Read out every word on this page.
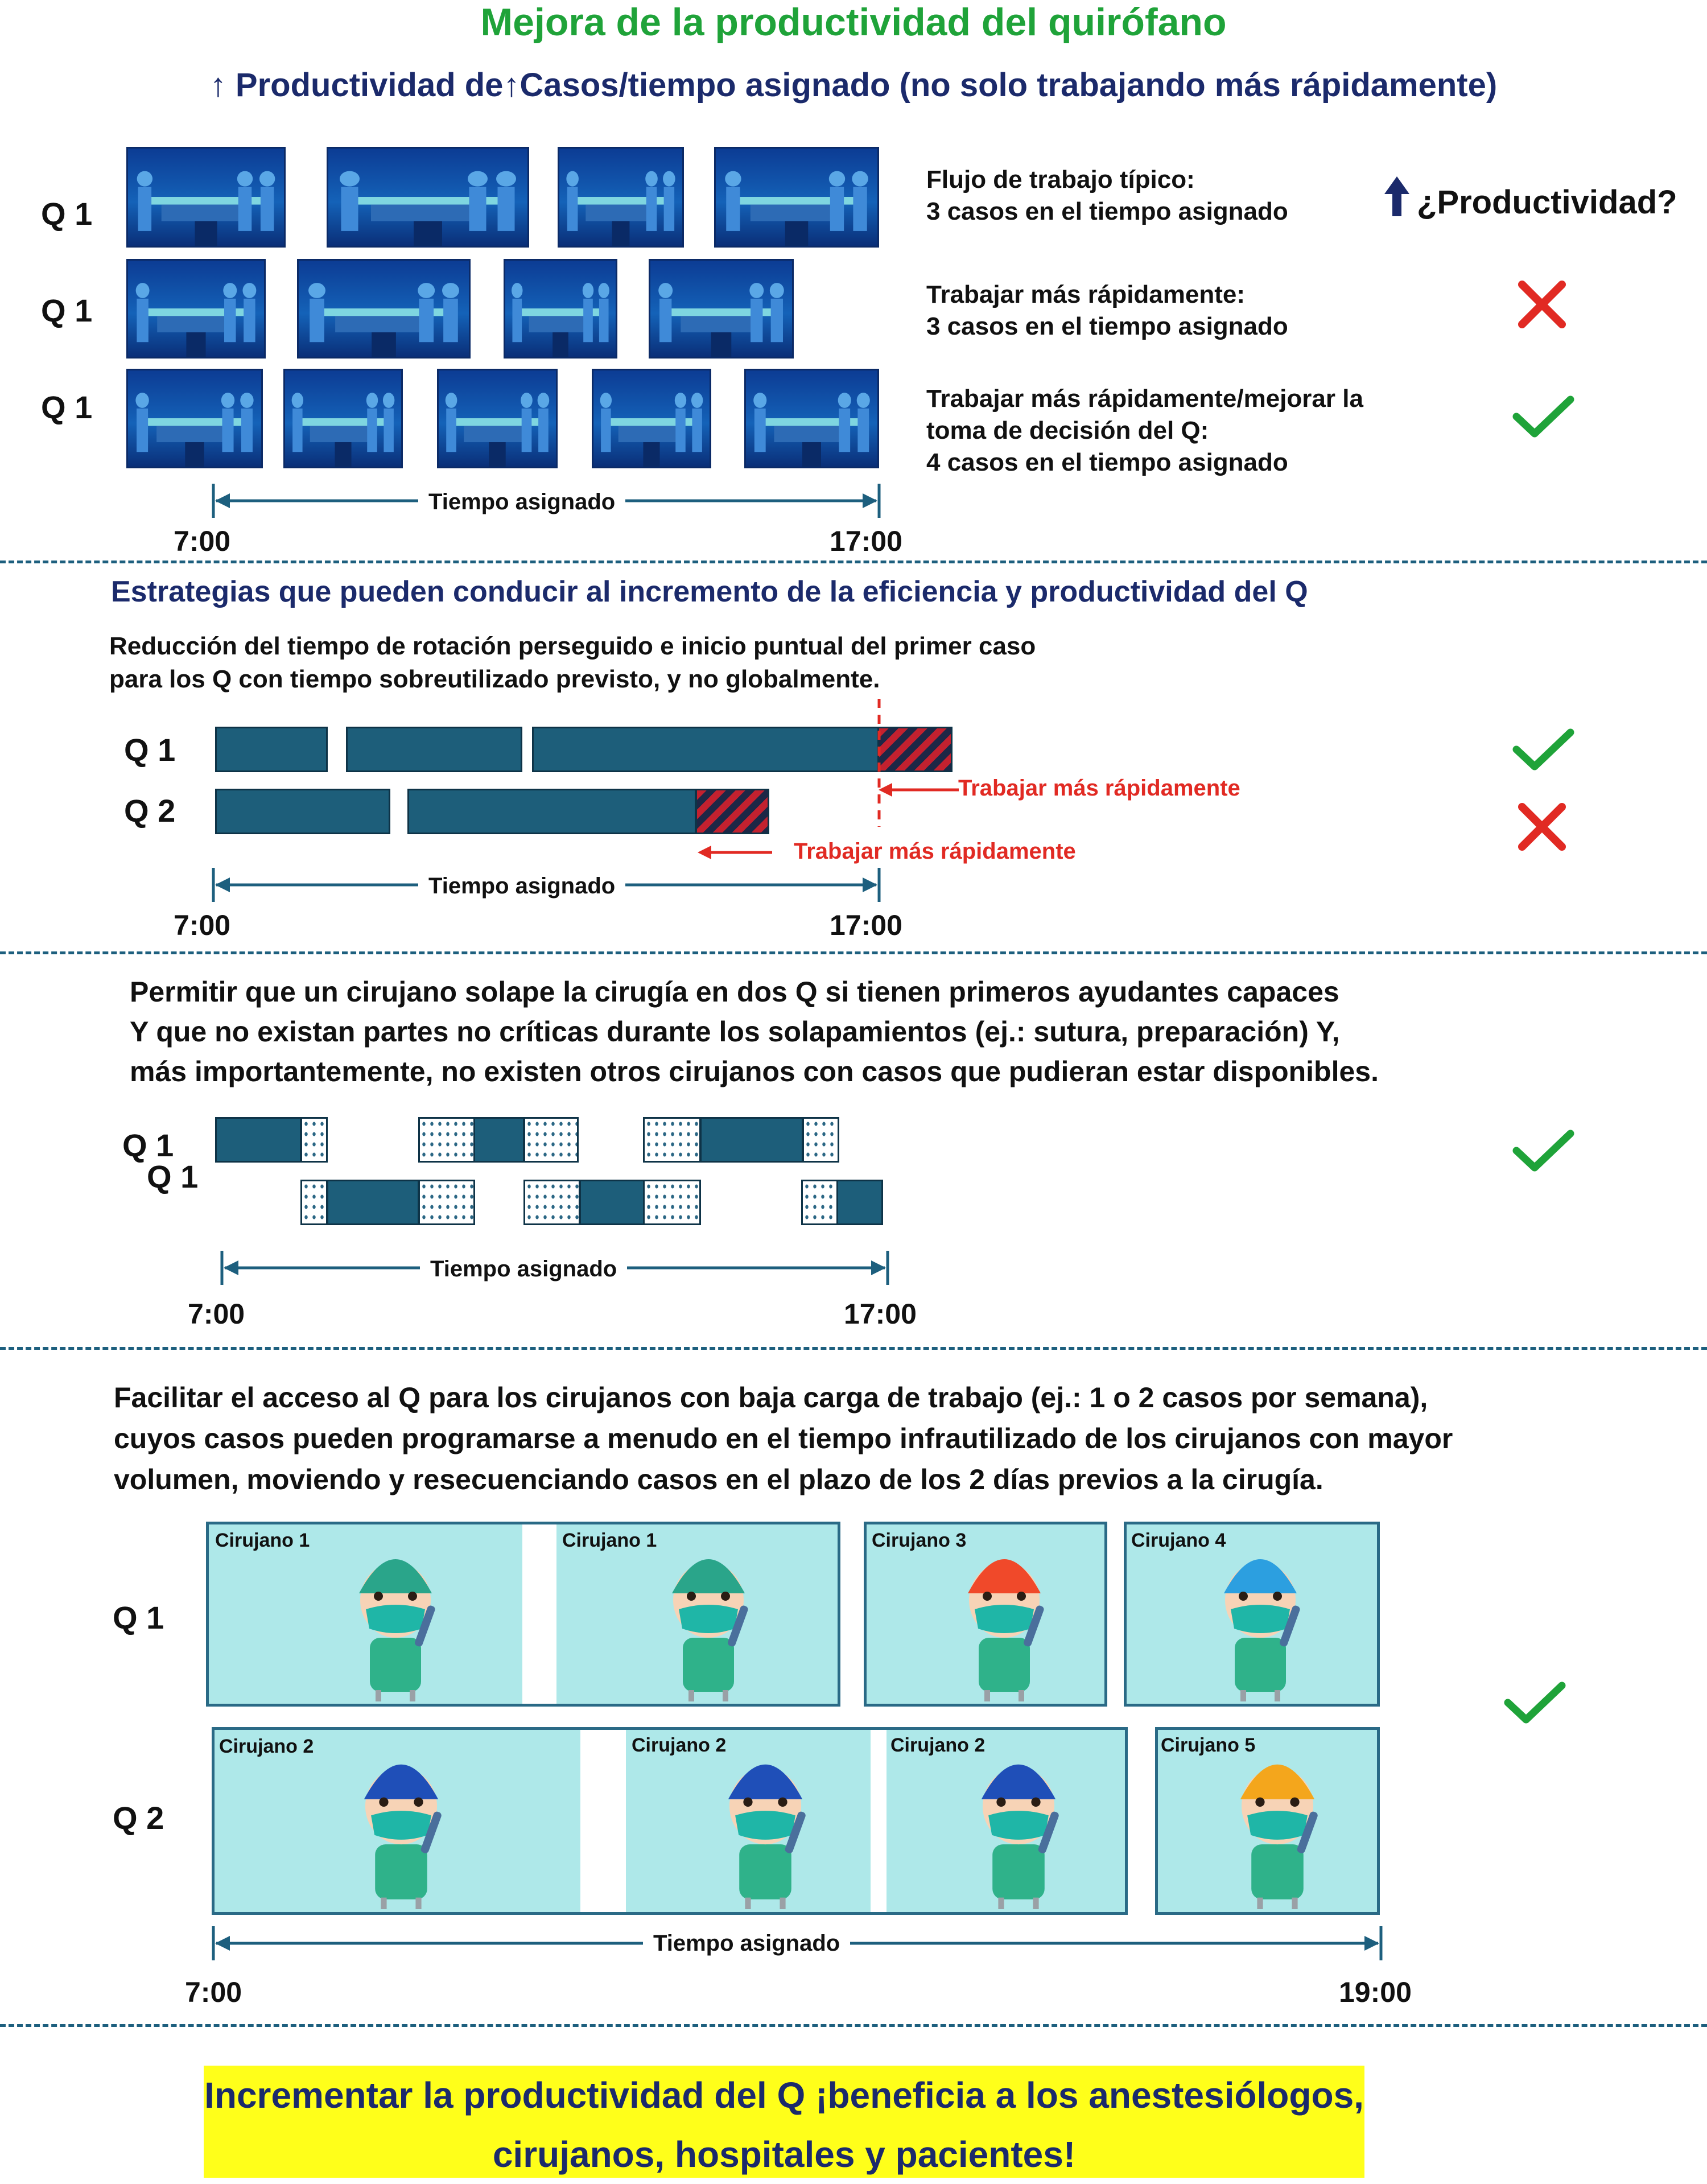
Mejora de la productividad del quirófano
↑ Productividad de↑Casos/tiempo asignado (no solo trabajando más rápidamente)
Q 1
Q 1
Q 1
Flujo de trabajo típico:
3 casos en el tiempo asignado
Trabajar más rápidamente:
3 casos en el tiempo asignado
Trabajar más rápidamente/mejorar la
toma de decisión del Q:
4 casos en el tiempo asignado
¿Productividad?
Tiempo asignado
7:00	17:00
Estrategias que pueden conducir al incremento de la eficiencia y productividad del Q
Reducción del tiempo de rotación perseguido e inicio puntual del primer caso
para los Q con tiempo sobreutilizado previsto, y no globalmente.
Q 1
Q 2
Trabajar más rápidamente
Trabajar más rápidamente
Tiempo asignado
7:00	17:00
Permitir que un cirujano solape la cirugía en dos Q si tienen primeros ayudantes capaces
Y que no existan partes no críticas durante los solapamientos (ej.: sutura, preparación) Y,
más importantemente, no existen otros cirujanos con casos que pudieran estar disponibles.
Q 1
Q 1
Tiempo asignado
7:00	17:00
Facilitar el acceso al Q para los cirujanos con baja carga de trabajo (ej.: 1 o 2 casos por semana),
cuyos casos pueden programarse a menudo en el tiempo infrautilizado de los cirujanos con mayor
volumen, moviendo y resecuenciando casos en el plazo de los 2 días previos a la cirugía.
Q 1
Q 2
Cirujano 1	Cirujano 1	Cirujano 3	Cirujano 4
Cirujano 2	Cirujano 2	Cirujano 2	Cirujano 5
Tiempo asignado
7:00	19:00
Incrementar la productividad del Q ¡beneficia a los anestesiólogos,
cirujanos, hospitales y pacientes!
